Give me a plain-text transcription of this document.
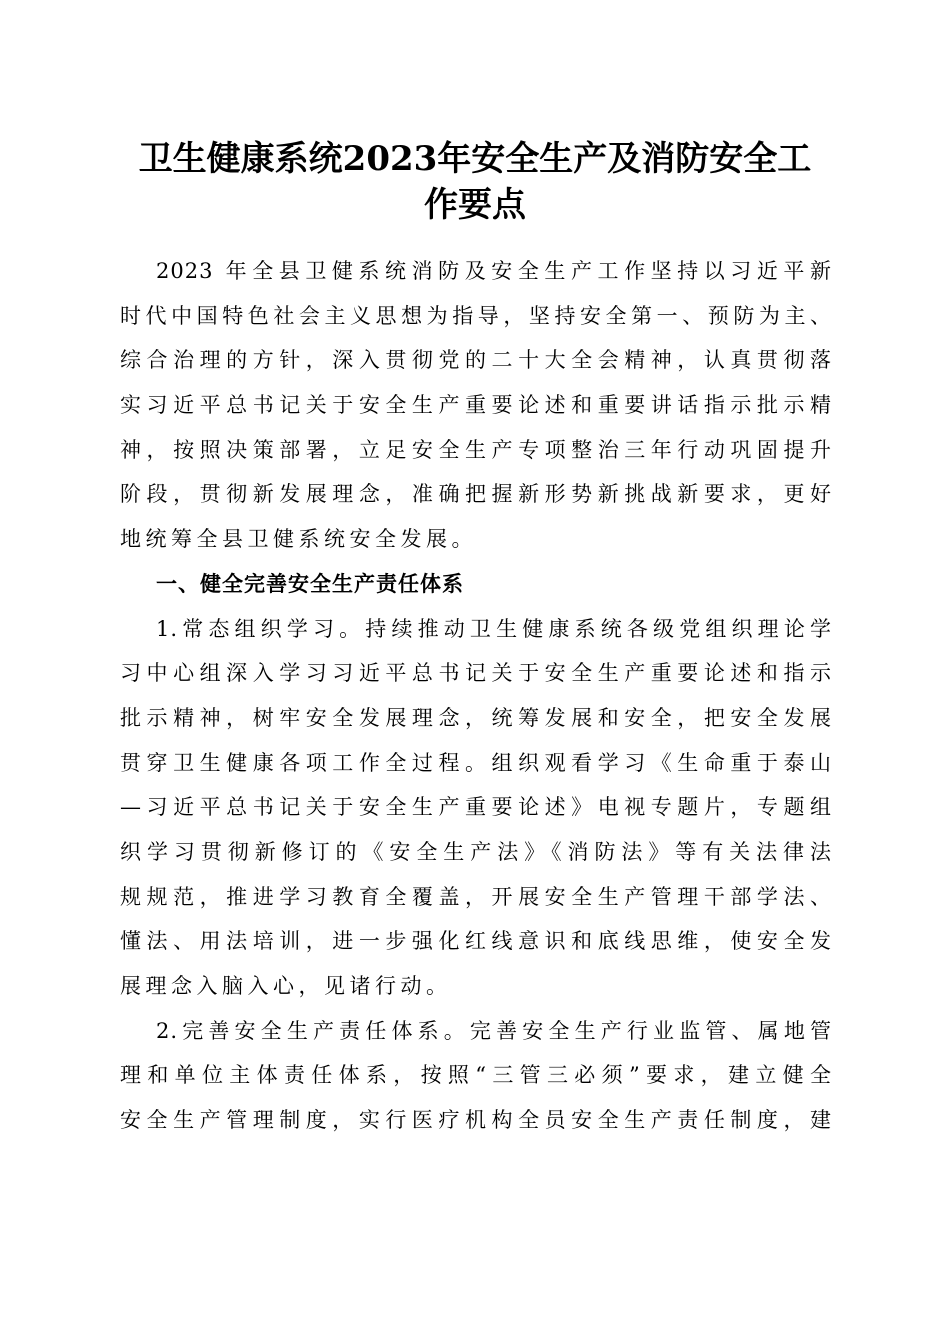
卫生健康系统2023年安全生产及消防安全工
作要点
2023 年全县卫健系统消防及安全生产工作坚持以习近平新
时代中国特色社会主义思想为指导，坚持安全第一、预防为主、
综合治理的方针，深入贯彻党的二十大全会精神，认真贯彻落
实习近平总书记关于安全生产重要论述和重要讲话指示批示精
神，按照决策部署，立足安全生产专项整治三年行动巩固提升
阶段，贯彻新发展理念，准确把握新形势新挑战新要求，更好
地统筹全县卫健系统安全发展。
一、健全完善安全生产责任体系
1.常态组织学习。持续推动卫生健康系统各级党组织理论学
习中心组深入学习习近平总书记关于安全生产重要论述和指示
批示精神，树牢安全发展理念，统筹发展和安全，把安全发展
贯穿卫生健康各项工作全过程。组织观看学习《生命重于泰山
—习近平总书记关于安全生产重要论述》电视专题片，专题组
织学习贯彻新修订的《安全生产法》《消防法》等有关法律法
规规范，推进学习教育全覆盖，开展安全生产管理干部学法、
懂法、用法培训，进一步强化红线意识和底线思维，使安全发
展理念入脑入心，见诸行动。
2.完善安全生产责任体系。完善安全生产行业监管、属地管
理和单位主体责任体系，按照“三管三必须”要求，建立健全
安全生产管理制度，实行医疗机构全员安全生产责任制度，建
